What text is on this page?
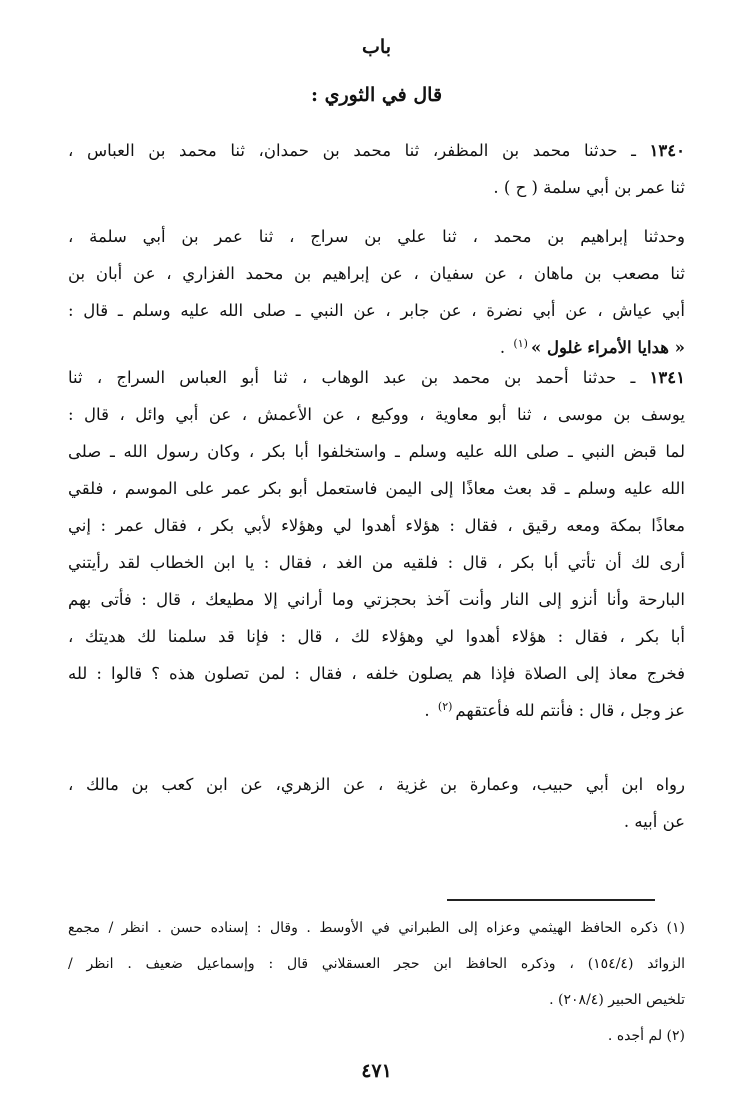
باب
قال في الثوري :
١٣٤٠ ـ حدثنا محمد بن المظفر، ثنا محمد بن حمدان، ثنا محمد بن العباس ،
ثنا عمر بن أبي سلمة ( ح ) .
وحدثنا إبراهيم بن محمد ، ثنا علي بن سراج ، ثنا عمر بن أبي سلمة ،
ثنا مصعب بن ماهان ، عن سفيان ، عن إبراهيم بن محمد الفزاري ، عن أبان بن
أبي عياش ، عن أبي نضرة ، عن جابر ، عن النبي ـ صلى الله عليه وسلم ـ قال :
« هدايا الأمراء غلول »$^{(١)}$ .
١٣٤١ ـ حدثنا أحمد بن محمد بن عبد الوهاب ، ثنا أبو العباس السراج ، ثنا
يوسف بن موسى ، ثنا أبو معاوية ، ووكيع ، عن الأعمش ، عن أبي وائل ، قال :
لما قبض النبي ـ صلى الله عليه وسلم ـ واستخلفوا أبا بكر ، وكان رسول الله ـ صلى
الله عليه وسلم ـ قد بعث معاذًا إلى اليمن فاستعمل أبو بكر عمر على الموسم ، فلقي
معاذًا بمكة ومعه رقيق ، فقال : هؤلاء أهدوا لي وهؤلاء لأبي بكر ، فقال عمر : إني
أرى لك أن تأتي أبا بكر ، قال : فلقيه من الغد ، فقال : يا ابن الخطاب لقد رأيتني
البارحة وأنا أنزو إلى النار وأنت آخذ بحجزتي وما أراني إلا مطيعك ، قال : فأتى بهم
أبا بكر ، فقال : هؤلاء أهدوا لي وهؤلاء لك ، قال : فإنا قد سلمنا لك هديتك ،
فخرج معاذ إلى الصلاة فإذا هم يصلون خلفه ، فقال : لمن تصلون هذه ؟ قالوا : لله
عز وجل ، قال : فأنتم لله فأعتقهم$^{(٢)}$ .
رواه ابن أبي حبيب، وعمارة بن غزية ، عن الزهري، عن ابن كعب بن مالك ،
عن أبيه .
(١) ذكره الحافظ الهيثمي وعزاه إلى الطبراني في الأوسط . وقال : إسناده حسن . انظر / مجمع
الزوائد (١٥٤/٤) ، وذكره الحافظ ابن حجر العسقلاني قال : وإسماعيل ضعيف . انظر /
تلخيص الحبير (٢٠٨/٤) .
(٢) لم أجده .
٤٧١
